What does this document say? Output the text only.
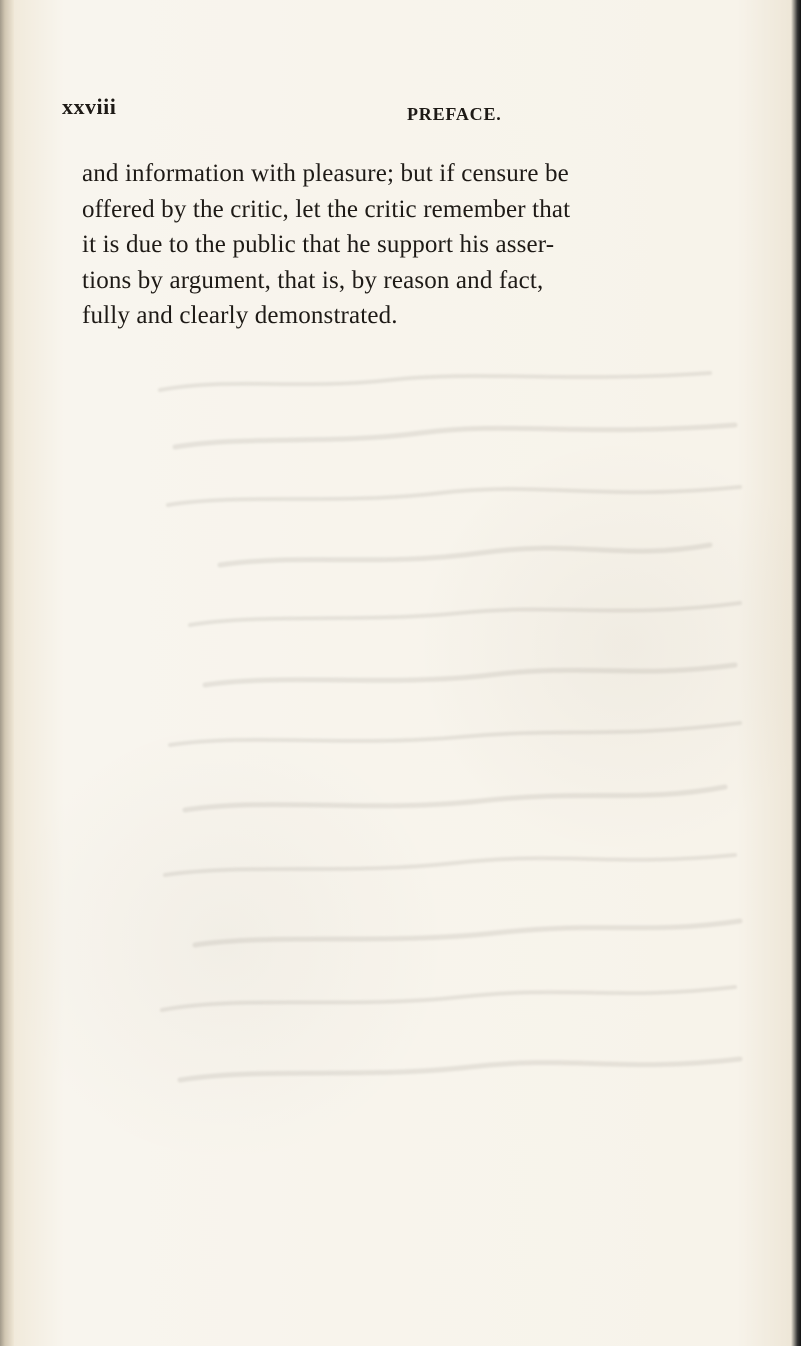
xxviii	PREFACE.
and information with pleasure; but if censure be
offered by the critic, let the critic remember that
it is due to the public that he support his asser-
tions by argument, that is, by reason and fact,
fully and clearly demonstrated.
